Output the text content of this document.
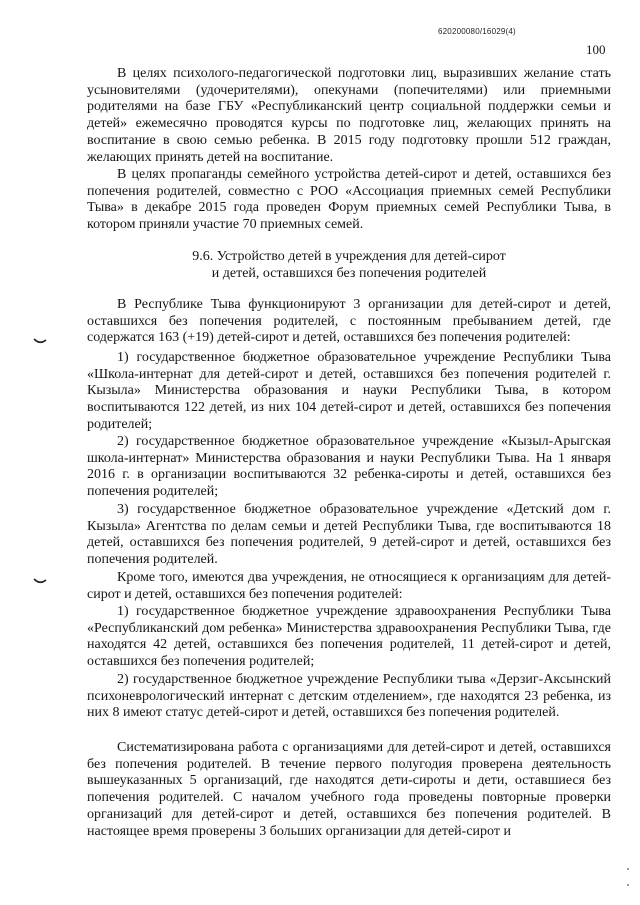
620200080/16029(4)
100

В целях психолого-педагогической подготовки лиц, выразивших желание стать усыновителями (удочерителями), опекунами (попечителями) или приемными родителями на базе ГБУ «Республиканский центр социальной поддержки семьи и детей» ежемесячно проводятся курсы по подготовке лиц, желающих принять на воспитание в свою семью ребенка. В 2015 году подготовку прошли 512 граждан, желающих принять детей на воспитание.

В целях пропаганды семейного устройства детей-сирот и детей, оставшихся без попечения родителей, совместно с РОО «Ассоциация приемных семей Республики Тыва» в декабре 2015 года проведен Форум приемных семей Республики Тыва, в котором приняли участие 70 приемных семей.

9.6. Устройство детей в учреждения для детей-сирот
и детей, оставшихся без попечения родителей

В Республике Тыва функционируют 3 организации для детей-сирот и детей, оставшихся без попечения родителей, с постоянным пребыванием детей, где содержатся 163 (+19) детей-сирот и детей, оставшихся без попечения родителей:

1) государственное бюджетное образовательное учреждение Республики Тыва «Школа-интернат для детей-сирот и детей, оставшихся без попечения родителей г. Кызыла» Министерства образования и науки Республики Тыва, в котором воспитываются 122 детей, из них 104 детей-сирот и детей, оставшихся без попечения родителей;

2) государственное бюджетное образовательное учреждение «Кызыл-Арыгская школа-интернат» Министерства образования и науки Республики Тыва. На 1 января 2016 г. в организации воспитываются 32 ребенка-сироты и детей, оставшихся без попечения родителей;

3) государственное бюджетное образовательное учреждение «Детский дом г. Кызыла» Агентства по делам семьи и детей Республики Тыва, где воспитываются 18 детей, оставшихся без попечения родителей, 9 детей-сирот и детей, оставшихся без попечения родителей.

Кроме того, имеются два учреждения, не относящиеся к организациям для детей-сирот и детей, оставшихся без попечения родителей:

1) государственное бюджетное учреждение здравоохранения Республики Тыва «Республиканский дом ребенка» Министерства здравоохранения Республики Тыва, где находятся 42 детей, оставшихся без попечения родителей, 11 детей-сирот и детей, оставшихся без попечения родителей;

2) государственное бюджетное учреждение Республики тыва «Дерзиг-Аксынский психоневрологический интернат с детским отделением», где находятся 23 ребенка, из них 8 имеют статус детей-сирот и детей, оставшихся без попечения родителей.

Систематизирована работа с организациями для детей-сирот и детей, оставшихся без попечения родителей. В течение первого полугодия проверена деятельность вышеуказанных 5 организаций, где находятся дети-сироты и дети, оставшиеся без попечения родителей. С началом учебного года проведены повторные проверки организаций для детей-сирот и детей, оставшихся без попечения родителей. В настоящее время проверены 3 больших организации для детей-сирот и
